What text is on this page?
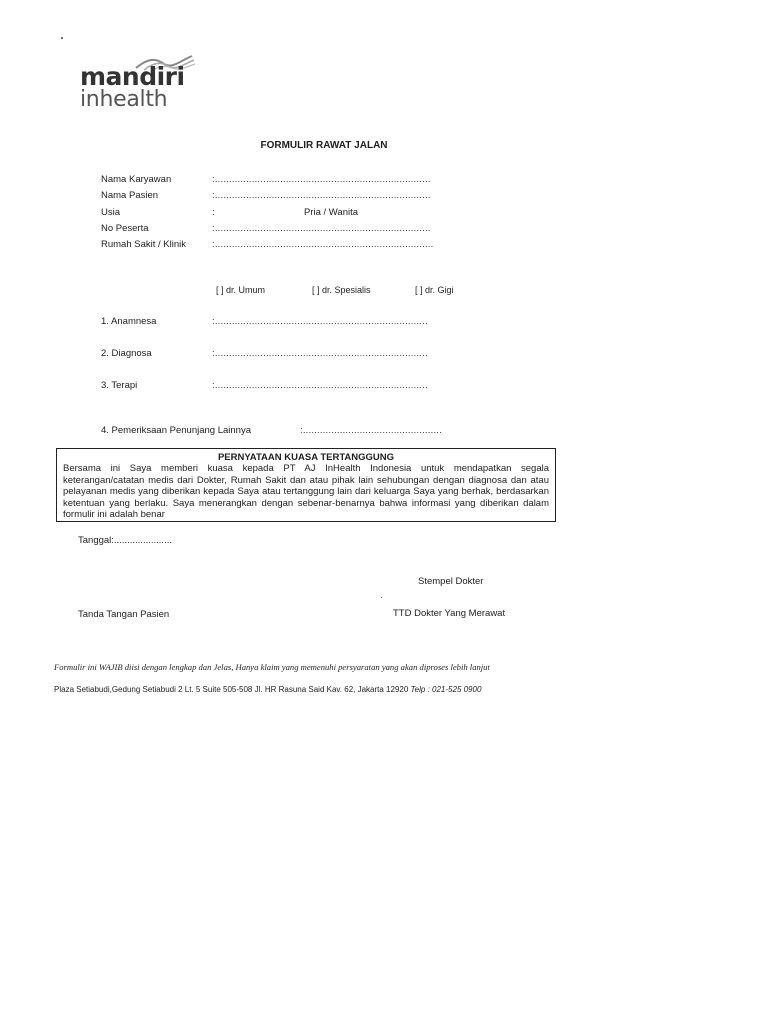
mandiri
inhealth
FORMULIR RAWAT JALAN
Nama Karyawan	:............................................................................
Nama Pasien	:............................................................................
Usia	:	Pria / Wanita
No Peserta	:............................................................................
Rumah Sakit / Klinik	:.............................................................................
[ ] dr. Umum	[ ] dr. Spesialis	[ ] dr. Gigi
1. Anamnesa	:...........................................................................
2. Diagnosa	:...........................................................................
3. Terapi	:...........................................................................
4. Pemeriksaan Penunjang Lainnya	:.................................................
PERNYATAAN KUASA TERTANGGUNG
Bersama ini Saya memberi kuasa kepada PT AJ InHealth Indonesia untuk mendapatkan segala keterangan/catatan medis dari Dokter, Rumah Sakit dan atau pihak lain sehubungan dengan diagnosa dan atau pelayanan medis yang diberikan kepada Saya atau tertanggung lain dari keluarga Saya yang berhak, berdasarkan ketentuan yang berlaku. Saya menerangkan dengan sebenar-benarnya bahwa informasi yang diberikan dalam formulir ini adalah benar
Tanggal:......................
Stempel Dokter
Tanda Tangan Pasien	TTD Dokter Yang Merawat
Formulir ini WAJIB diisi dengan lengkap dan Jelas, Hanya klaim yang memenuhi persyaratan yang akan diproses lebih lanjut
Plaza Setiabudi,Gedung Setiabudi 2 Lt. 5 Suite 505-508 Jl. HR Rasuna Said Kav. 62, Jakarta 12920 Telp : 021-525 0900
